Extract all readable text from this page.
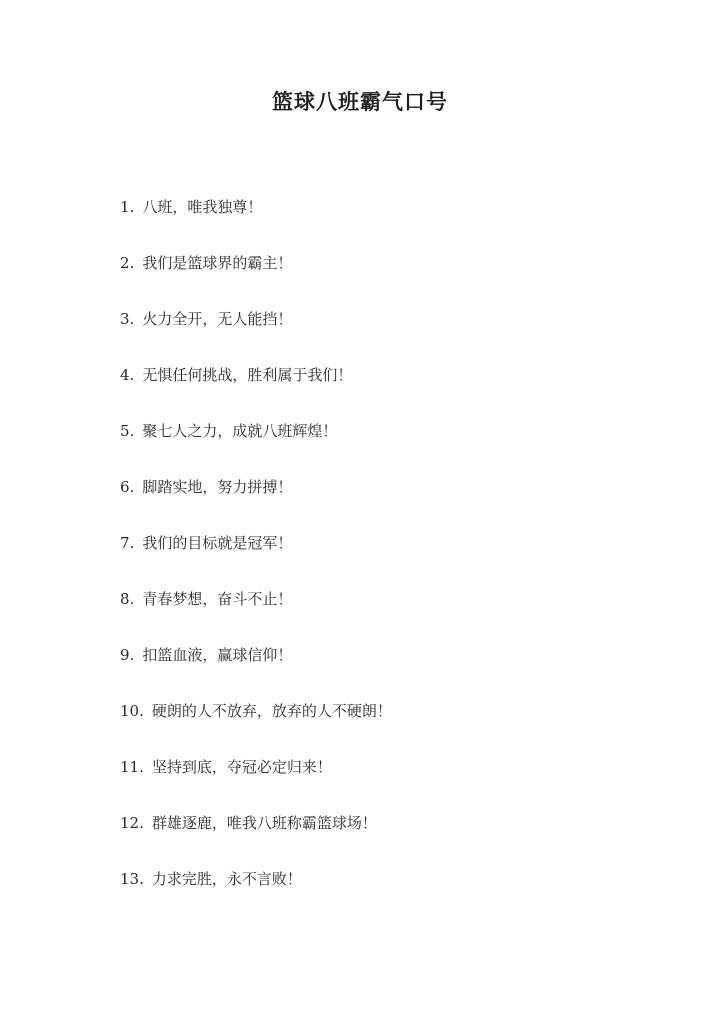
篮球八班霸气口号
1. 八班，唯我独尊！
2. 我们是篮球界的霸主！
3. 火力全开，无人能挡！
4. 无惧任何挑战，胜利属于我们！
5. 聚七人之力，成就八班辉煌！
6. 脚踏实地，努力拼搏！
7. 我们的目标就是冠军！
8. 青春梦想，奋斗不止！
9. 扣篮血液，赢球信仰！
10. 硬朗的人不放弃，放弃的人不硬朗！
11. 坚持到底，夺冠必定归来！
12. 群雄逐鹿，唯我八班称霸篮球场！
13. 力求完胜，永不言败！
